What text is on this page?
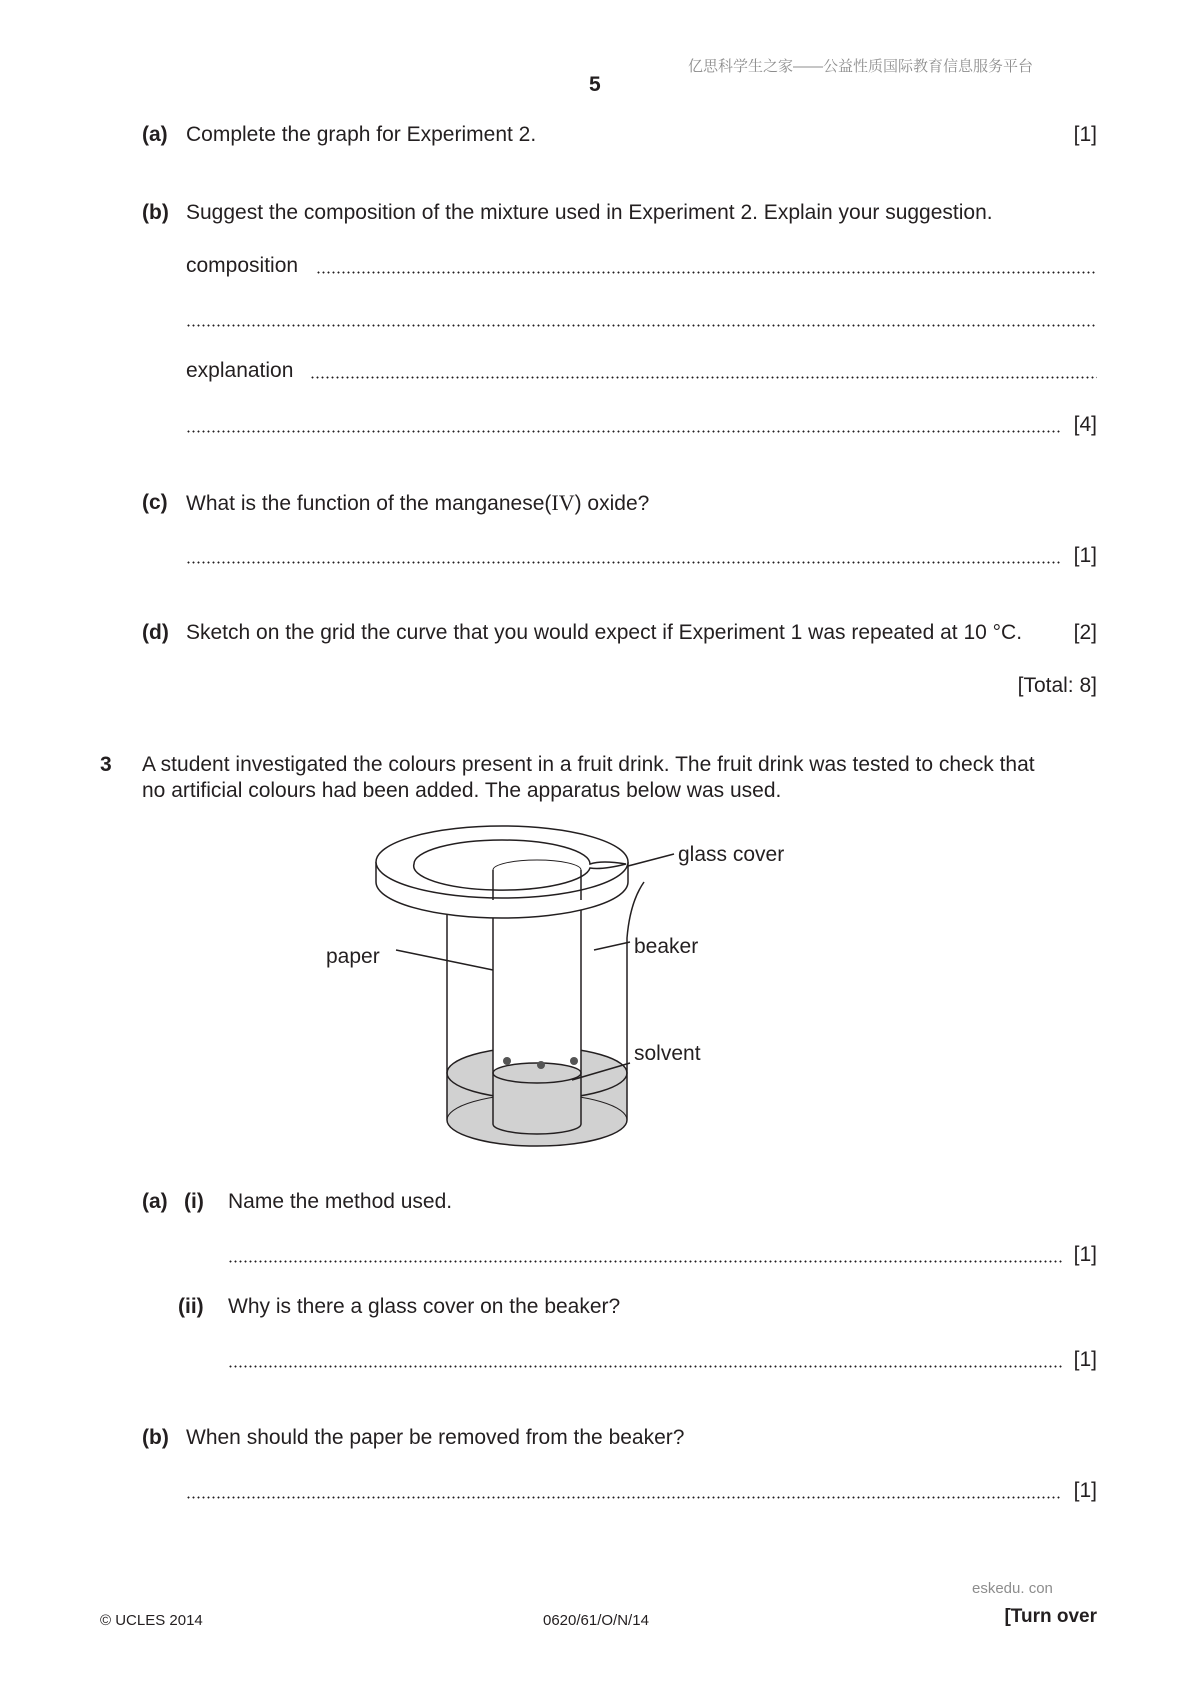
亿思科学生之家——公益性质国际教育信息服务平台
5
(a) Complete the graph for Experiment 2.	[1]
(b) Suggest the composition of the mixture used in Experiment 2. Explain your suggestion.
composition
explanation
[4]
(c) What is the function of the manganese(IV) oxide?
[1]
(d) Sketch on the grid the curve that you would expect if Experiment 1 was repeated at 10 °C. [2]
[Total: 8]
3 A student investigated the colours present in a fruit drink. The fruit drink was tested to check that
no artificial colours had been added. The apparatus below was used.
glass cover
beaker
paper
solvent
(a) (i) Name the method used.
[1]
(ii) Why is there a glass cover on the beaker?
[1]
(b) When should the paper be removed from the beaker?
[1]
eskedu. con
© UCLES 2014	0620/61/O/N/14	[Turn over
